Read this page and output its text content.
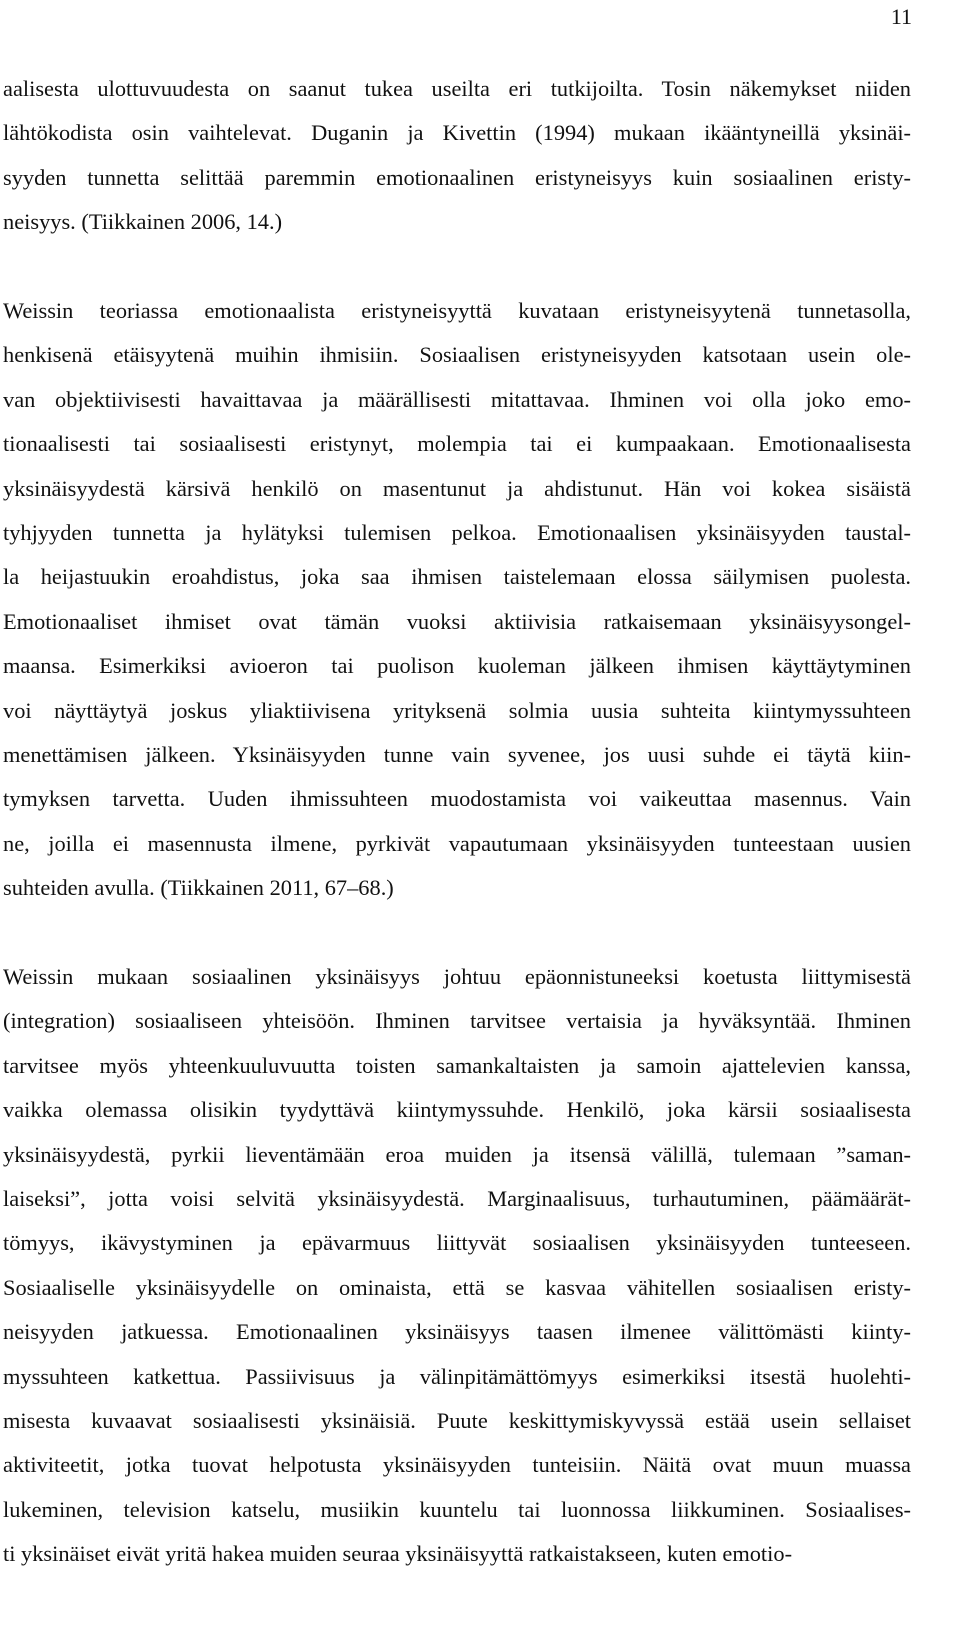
11
aalisesta ulottuvuudesta on saanut tukea useilta eri tutkijoilta. Tosin näkemykset niiden
lähtökodista osin vaihtelevat. Duganin ja Kivettin (1994) mukaan ikääntyneillä yksinäi-
syyden tunnetta selittää paremmin emotionaalinen eristyneisyys kuin sosiaalinen eristy-
neisyys. (Tiikkainen 2006, 14.)
Weissin teoriassa emotionaalista eristyneisyyttä kuvataan eristyneisyytenä tunnetasolla,
henkisenä etäisyytenä muihin ihmisiin. Sosiaalisen eristyneisyyden katsotaan usein ole-
van objektiivisesti havaittavaa ja määrällisesti mitattavaa. Ihminen voi olla joko emo-
tionaalisesti tai sosiaalisesti eristynyt, molempia tai ei kumpaakaan. Emotionaalisesta
yksinäisyydestä kärsivä henkilö on masentunut ja ahdistunut. Hän voi kokea sisäistä
tyhjyyden tunnetta ja hylätyksi tulemisen pelkoa. Emotionaalisen yksinäisyyden taustal-
la heijastuukin eroahdistus, joka saa ihmisen taistelemaan elossa säilymisen puolesta.
Emotionaaliset ihmiset ovat tämän vuoksi aktiivisia ratkaisemaan yksinäisyysongel-
maansa. Esimerkiksi avioeron tai puolison kuoleman jälkeen ihmisen käyttäytyminen
voi näyttäytyä joskus yliaktiivisena yrityksenä solmia uusia suhteita kiintymyssuhteen
menettämisen jälkeen. Yksinäisyyden tunne vain syvenee, jos uusi suhde ei täytä kiin-
tymyksen tarvetta. Uuden ihmissuhteen muodostamista voi vaikeuttaa masennus. Vain
ne, joilla ei masennusta ilmene, pyrkivät vapautumaan yksinäisyyden tunteestaan uusien
suhteiden avulla. (Tiikkainen 2011, 67–68.)
Weissin mukaan sosiaalinen yksinäisyys johtuu epäonnistuneeksi koetusta liittymisestä
(integration) sosiaaliseen yhteisöön. Ihminen tarvitsee vertaisia ja hyväksyntää. Ihminen
tarvitsee myös yhteenkuuluvuutta toisten samankaltaisten ja samoin ajattelevien kanssa,
vaikka olemassa olisikin tyydyttävä kiintymyssuhde. Henkilö, joka kärsii sosiaalisesta
yksinäisyydestä, pyrkii lieventämään eroa muiden ja itsensä välillä, tulemaan ”saman-
laiseksi”, jotta voisi selvitä yksinäisyydestä. Marginaalisuus, turhautuminen, päämäärät-
tömyys, ikävystyminen ja epävarmuus liittyvät sosiaalisen yksinäisyyden tunteeseen.
Sosiaaliselle yksinäisyydelle on ominaista, että se kasvaa vähitellen sosiaalisen eristy-
neisyyden jatkuessa. Emotionaalinen yksinäisyys taasen ilmenee välittömästi kiinty-
myssuhteen katkettua. Passiivisuus ja välinpitämättömyys esimerkiksi itsestä huolehti-
misesta kuvaavat sosiaalisesti yksinäisiä. Puute keskittymiskyvyssä estää usein sellaiset
aktiviteetit, jotka tuovat helpotusta yksinäisyyden tunteisiin. Näitä ovat muun muassa
lukeminen, television katselu, musiikin kuuntelu tai luonnossa liikkuminen. Sosiaalises-
ti yksinäiset eivät yritä hakea muiden seuraa yksinäisyyttä ratkaistakseen, kuten emotio-
